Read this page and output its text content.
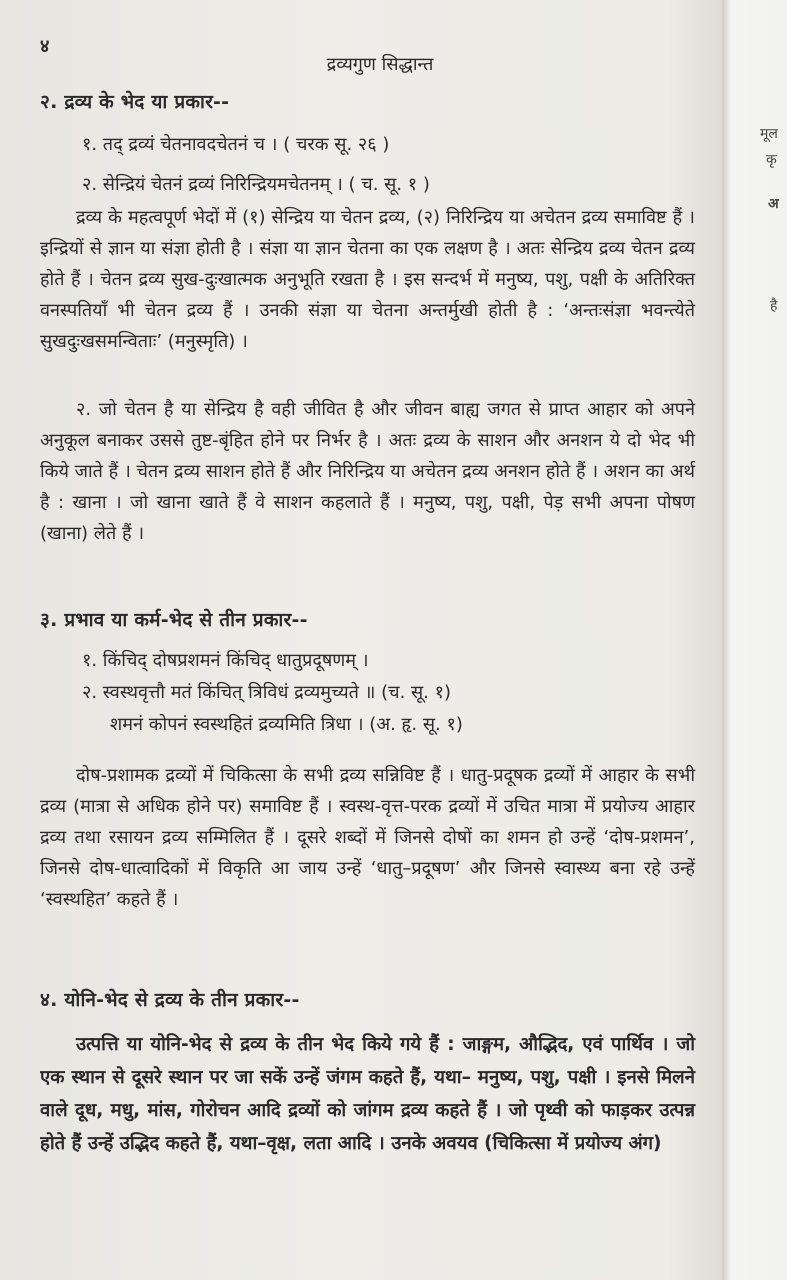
४
द्रव्यगुण सिद्धान्त
२. द्रव्य के भेद या प्रकार--
१. तद् द्रव्यं चेतनावदचेतनं च । ( चरक सू. २६ )
२. सेन्द्रियं चेतनं द्रव्यं निरिन्द्रियमचेतनम् । ( च. सू. १ )
द्रव्य के महत्वपूर्ण भेदों में (१) सेन्द्रिय या चेतन द्रव्य, (२) निरिन्द्रिय या अचेतन द्रव्य समाविष्ट हैं । इन्द्रियों से ज्ञान या संज्ञा होती है । संज्ञा या ज्ञान चेतना का एक लक्षण है । अतः सेन्द्रिय द्रव्य चेतन द्रव्य होते हैं । चेतन द्रव्य सुख-दुःखात्मक अनुभूति रखता है । इस सन्दर्भ में मनुष्य, पशु, पक्षी के अतिरिक्त वनस्पतियाँ भी चेतन द्रव्य हैं । उनकी संज्ञा या चेतना अन्तर्मुखी होती है : ‘अन्तःसंज्ञा भवन्त्येते सुखदुःखसमन्विताः’ (मनुस्मृति) ।
२. जो चेतन है या सेन्द्रिय है वही जीवित है और जीवन बाह्य जगत से प्राप्त आहार को अपने अनुकूल बनाकर उससे तुष्ट-बृंहित होने पर निर्भर है । अतः द्रव्य के साशन और अनशन ये दो भेद भी किये जाते हैं । चेतन द्रव्य साशन होते हैं और निरिन्द्रिय या अचेतन द्रव्य अनशन होते हैं । अशन का अर्थ है : खाना । जो खाना खाते हैं वे साशन कहलाते हैं । मनुष्य, पशु, पक्षी, पेड़ सभी अपना पोषण (खाना) लेते हैं ।
३. प्रभाव या कर्म-भेद से तीन प्रकार--
१. किंचिद् दोषप्रशमनं किंचिद् धातुप्रदूषणम् ।
२. स्वस्थवृत्तौ मतं किंचित् त्रिविधं द्रव्यमुच्यते ॥ (च. सू. १)
शमनं कोपनं स्वस्थहितं द्रव्यमिति त्रिधा । (अ. हृ. सू. १)
दोष-प्रशामक द्रव्यों में चिकित्सा के सभी द्रव्य सन्निविष्ट हैं । धातु-प्रदूषक द्रव्यों में आहार के सभी द्रव्य (मात्रा से अधिक होने पर) समाविष्ट हैं । स्वस्थ-वृत्त-परक द्रव्यों में उचित मात्रा में प्रयोज्य आहार द्रव्य तथा रसायन द्रव्य सम्मिलित हैं । दूसरे शब्दों में जिनसे दोषों का शमन हो उन्हें ‘दोष-प्रशमन’, जिनसे दोष-धात्वादिकों में विकृति आ जाय उन्हें ‘धातु–प्रदूषण’ और जिनसे स्वास्थ्य बना रहे उन्हें ‘स्वस्थहित’ कहते हैं ।
४. योनि-भेद से द्रव्य के तीन प्रकार--
उत्पत्ति या योनि-भेद से द्रव्य के तीन भेद किये गये हैं : जाङ्गम, औद्भिद, एवं पार्थिव । जो एक स्थान से दूसरे स्थान पर जा सकें उन्हें जंगम कहते हैं, यथा– मनुष्य, पशु, पक्षी । इनसे मिलने वाले दूध, मधु, मांस, गोरोचन आदि द्रव्यों को जांगम द्रव्य कहते हैं । जो पृथ्वी को फाड़कर उत्पन्न होते हैं उन्हें उद्भिद कहते हैं, यथा–वृक्ष, लता आदि । उनके अवयव (चिकित्सा में प्रयोज्य अंग)
मूल
कृ
अ
है
